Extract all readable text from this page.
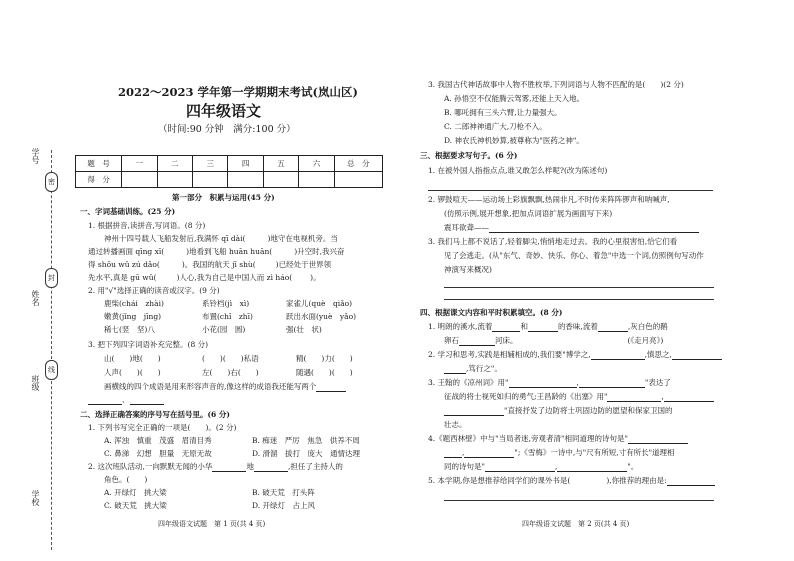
学号
姓名
班级
学校
密
封
线
2022～2023 学年第一学期期末考试(岚山区)
四年级语文
（时间:90 分钟　满分:100 分）
题　号	一	二	三	四	五	六	总　分
得　分							
第一部分　积累与运用(45 分)
一、字词基础训练。(25 分)
1. 根据拼音,读拼音,写词语。(8 分)
神州十四号载人飞船发射后,我满怀 qī dài(	)地守在电视机旁。当
通过转播画面 qīng xī(	)地看到飞船 huān huān(	)升空时,我兴奋
得 shǒu wǔ zú dǎo(	)。我国的航天 jī shù(	)已经处于世界领
先水平,真是 gū wǔ(	)人心,我为自己是中国人而 zì háo( )。
2. 用"√"选择正确的读音或汉字。(9 分)
鹿柴(chái　zhài)	系铃档(jì　xì)	家雀儿(què　qiǎo)
嫩黄(jǐng　jīng)	布置(chǐ　zhī)	跃出水面(yuè　yǎo)
稀七(竖　坚)八	小花(园　圆)	强(壮　状)
3. 把下列四字词语补充完整。(8 分)
山(　　)地(　　)	(　　)(　　)私语	精(　　)力(　　)
人声(　　)(　　)	左(　　)右(　　)	随遇(　　)(　　)
画横线的四个成语是用来形容声音的,像这样的成语我还能写两个
、
二、选择正确答案的序号写在括号里。(6 分)
1. 下列书写完全正确的一项是(　　)。(2 分)
A. 浑浊　慎重　茂盛　眉清目秀	B. 痴迷　严厉　焦急　供养不周
C. 鼻涕　幻想　胆量　无原无故	D. 滑溜　拔打　庞大　通情达理
2. 这次班队活动,一向默默无闻的小华	地	,担任了主持人的
角色。(　　)
A. 开绿灯　挑大梁	B. 破天荒　打头阵
C. 破天荒　挑大梁	D. 开绿灯　占上风
四年级语文试题　第 1 页(共 4 页)
3. 我国古代神话故事中人物不胜枚举,下列词语与人物不匹配的是(　　)(2 分)
A. 孙悟空不仅能腾云驾雾,还能上天入地。
B. 哪吒拥有三头六臂,让力量强大。
C. 二郎神神通广大,刀枪不入。
D. 神农氏神机妙算,被尊称为"医药之神"。
三、根据要求写句子。(6 分)
1. 在被外国人指指点点,谁又敢怎么样呢?(改为陈述句)
2. 锣鼓喧天——运动场上彩旗飘飘,热闹非凡,不时传来阵阵锣声和呐喊声,
(仿照示例,展开想象,把加点词语扩展为画面写下来)
震耳欲聋——
3. 我们马上都不说话了,轻着脚尖,悄悄地走过去。我的心里很害怕,恰它们看
见了会逃走。(从"东气、奇妙、快乐、你心、着急"中选一个词,仿照例句写动作
神演写来概况)
四、根据课文内容和平时积累填空。(8 分)
1. 明朗的溪水,流着	和	的香味,流着	,灰白色的鹅
卵石	河床。	(《走月亮》)
2. 学习和思考,实践是相辅相成的,我们要"博学之,	,慎思之,
,笃行之"。
3. 王翰的《凉州词》用"	,	"表达了
征战的将士视死如归的勇气;王昌龄的《出塞》用"	,
"直接抒发了边防将士巩固边防的愿望和保家卫国的
壮志。
4.《题西林壁》中与"当局者迷,旁观者清"相同道理的诗句是"
,	";《雪梅》一诗中,与"尺有所短,寸有所长"道理相
同的诗句是"	,	"。
5. 本学期,你是想推荐给同学们的课外书是(	),你推荐的理由是:
四年级语文试题　第 2 页(共 4 页)
